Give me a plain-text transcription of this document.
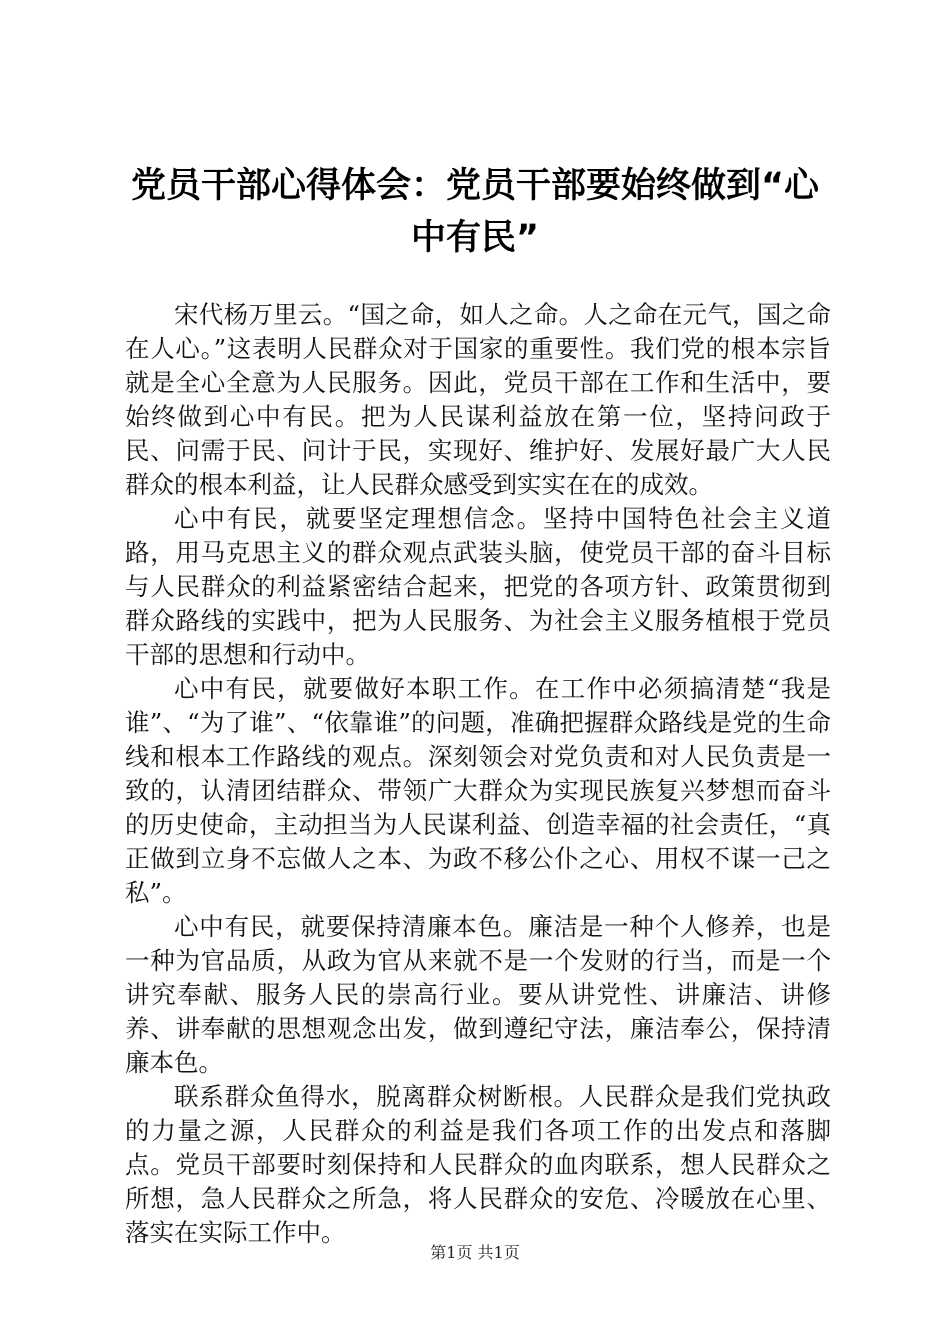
党员干部心得体会：党员干部要始终做到“心中有民”

宋代杨万里云。“国之命，如人之命。人之命在元气，国之命在人心。”这表明人民群众对于国家的重要性。我们党的根本宗旨就是全心全意为人民服务。因此，党员干部在工作和生活中，要始终做到心中有民。把为人民谋利益放在第一位，坚持问政于民、问需于民、问计于民，实现好、维护好、发展好最广大人民群众的根本利益，让人民群众感受到实实在在的成效。

心中有民，就要坚定理想信念。坚持中国特色社会主义道路，用马克思主义的群众观点武装头脑，使党员干部的奋斗目标与人民群众的利益紧密结合起来，把党的各项方针、政策贯彻到群众路线的实践中，把为人民服务、为社会主义服务植根于党员干部的思想和行动中。

心中有民，就要做好本职工作。在工作中必须搞清楚“我是谁”、“为了谁”、“依靠谁”的问题，准确把握群众路线是党的生命线和根本工作路线的观点。深刻领会对党负责和对人民负责是一致的，认清团结群众、带领广大群众为实现民族复兴梦想而奋斗的历史使命，主动担当为人民谋利益、创造幸福的社会责任，“真正做到立身不忘做人之本、为政不移公仆之心、用权不谋一己之私”。

心中有民，就要保持清廉本色。廉洁是一种个人修养，也是一种为官品质，从政为官从来就不是一个发财的行当，而是一个讲究奉献、服务人民的崇高行业。要从讲党性、讲廉洁、讲修养、讲奉献的思想观念出发，做到遵纪守法，廉洁奉公，保持清廉本色。

联系群众鱼得水，脱离群众树断根。人民群众是我们党执政的力量之源，人民群众的利益是我们各项工作的出发点和落脚点。党员干部要时刻保持和人民群众的血肉联系，想人民群众之所想，急人民群众之所急，将人民群众的安危、冷暖放在心里、落实在实际工作中。

第1页 共1页
